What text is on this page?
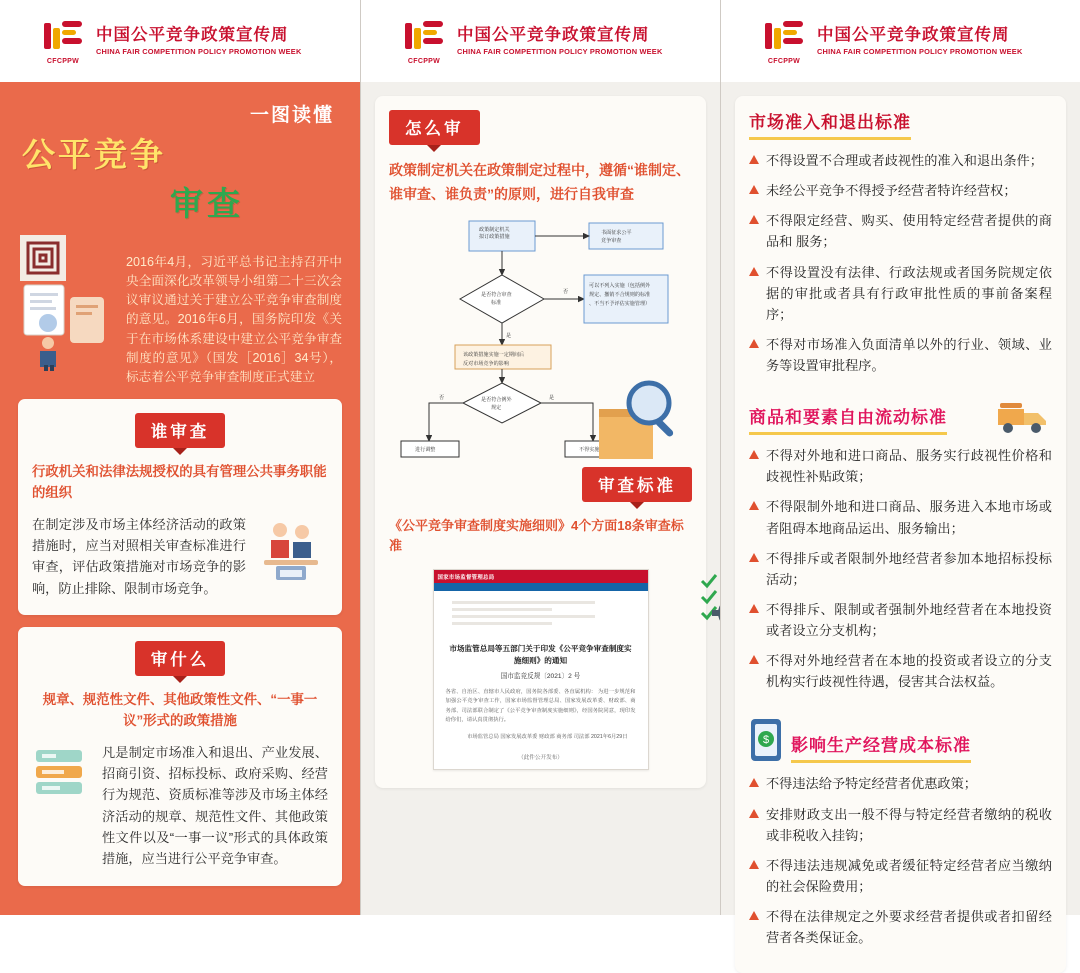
CFCPPW
中国公平竞争政策宣传周
CHINA FAIR COMPETITION POLICY PROMOTION WEEK
一图读懂
公平竞争
审查
2016年4月，习近平总书记主持召开中央全面深化改革领导小组第二十三次会议审议通过关于建立公平竞争审查制度的意见。2016年6月，国务院印发《关于在市场体系建设中建立公平竞争审查制度的意见》（国发［2016］34号），标志着公平竞争审查制度正式建立
谁审查
行政机关和法律法规授权的具有管理公共事务职能的组织
在制定涉及市场主体经济活动的政策措施时，应当对照相关审查标准进行审查，评估政策措施对市场竞争的影响，防止排除、限制市场竞争。
审什么
规章、规范性文件、其他政策性文件、“一事一议”形式的政策措施
凡是制定市场准入和退出、产业发展、招商引资、招标投标、政府采购、经营行为规范、资质标准等涉及市场主体经济活动的规章、规范性文件、其他政策性文件以及“一事一议”形式的具体政策措施，应当进行公平竞争审查。
CFCPPW
中国公平竞争政策宣传周
CHINA FAIR COMPETITION POLICY PROMOTION WEEK
怎么审
政策制定机关在政策制定过程中，遵循“谁制定、谁审查、谁负责”的原则，进行自我审查
政策制定机关
拟订政策措施
书面征求公平
竞争审查
是否符合审查
标准
可以不列入实施（包括例外
规定、撤销不合规则的标准
、不当不予评估实施管理）
该政策措施实施一定期间后
反对市场竞争的影响
是否符合例外
规定
进行调整	不得实施
否
是
否	是
审查标准
《公平竞争审查制度实施细则》4个方面18条审查标准
国家市场监督管理总局
市场监管总局等五部门关于印发《公平竞争审查制度实施细则》的通知
国市监竞反规〔2021〕2 号
各省、自治区、直辖市人民政府，国务院各部委、各直属机构： 为进一步规范和加强公平竞争审查工作，国家市场监督管理总局、国家发展改革委、财政部、商务部、司法部联合制定了《公平竞争审查制度实施细则》，经国务院同意，现印发给你们，请认真贯彻执行。
市场监管总局 国家发展改革委 财政部 商务部 司法部 2021年6月29日
（此件公开发布）
CFCPPW
中国公平竞争政策宣传周
CHINA FAIR COMPETITION POLICY PROMOTION WEEK
市场准入和退出标准
不得设置不合理或者歧视性的准入和退出条件；
未经公平竞争不得授予经营者特许经营权；
不得限定经营、购买、使用特定经营者提供的商品和 服务；
不得设置没有法律、行政法规或者国务院规定依据的审批或者具有行政审批性质的事前备案程序；
不得对市场准入负面清单以外的行业、领域、业务等设置审批程序。
商品和要素自由流动标准
不得对外地和进口商品、服务实行歧视性价格和歧视性补贴政策；
不得限制外地和进口商品、服务进入本地市场或者阻碍本地商品运出、服务输出；
不得排斥或者限制外地经营者参加本地招标投标活动；
不得排斥、限制或者强制外地经营者在本地投资或者设立分支机构；
不得对外地经营者在本地的投资或者设立的分支机构实行歧视性待遇，侵害其合法权益。
$ 影响生产经营成本标准
不得违法给予特定经营者优惠政策；
安排财政支出一般不得与特定经营者缴纳的税收或非税收入挂钩；
不得违法违规减免或者缓征特定经营者应当缴纳的社会保险费用；
不得在法律规定之外要求经营者提供或者扣留经营者各类保证金。
